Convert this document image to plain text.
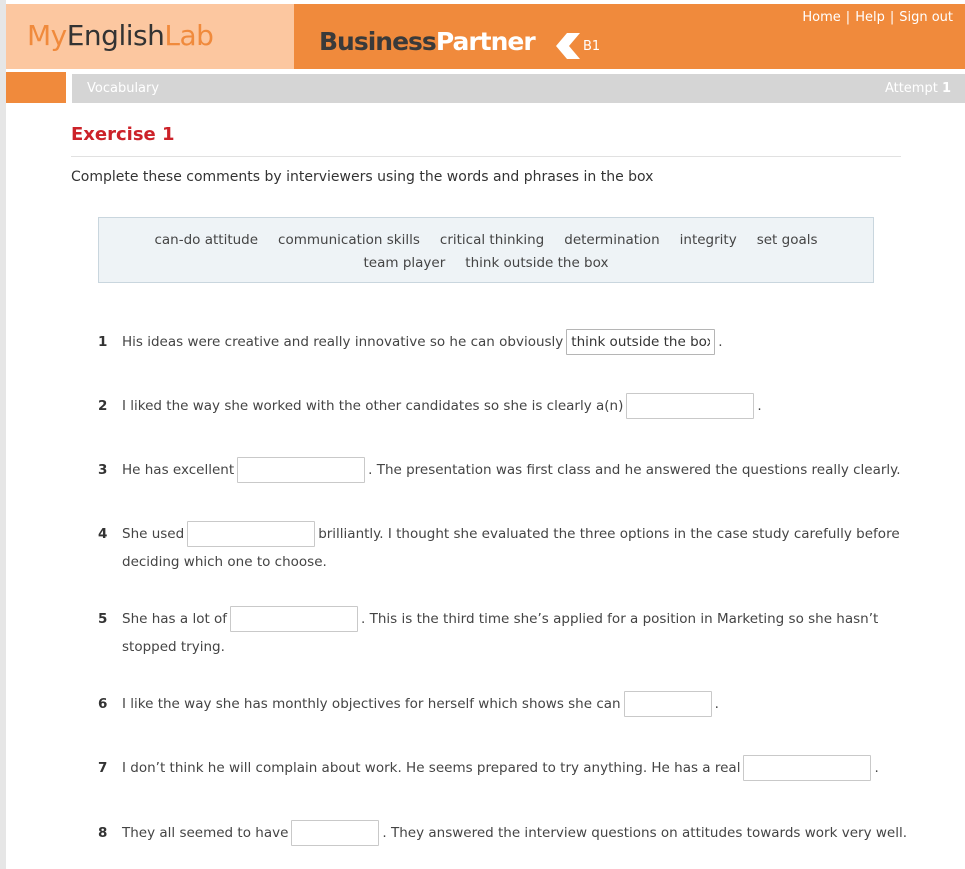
MyEnglishLab	BusinessPartner	B1
Home | Help | Sign out
Vocabulary	Attempt 1
Exercise 1
Complete these comments by interviewers using the words and phrases in the box
can-do attitude communication skills critical thinking determination integrity set goals
team player think outside the box
1 His ideas were creative and really innovative so he can obviouslythink outside the box	.
2 I liked the way she worked with the other candidates so she is clearly a(n)	.
3 He has excellent	. The presentation was first class and he answered the questions really clearly.
4 She used	brilliantly. I thought she evaluated the three options in the case study carefully before
deciding which one to choose.
5 She has a lot of	. This is the third time she’s applied for a position in Marketing so she hasn’t
stopped trying.
6 I like the way she has monthly objectives for herself which shows she can	.
7 I don’t think he will complain about work. He seems prepared to try anything. He has a real	.
8 They all seemed to have	. They answered the interview questions on attitudes towards work very well.
